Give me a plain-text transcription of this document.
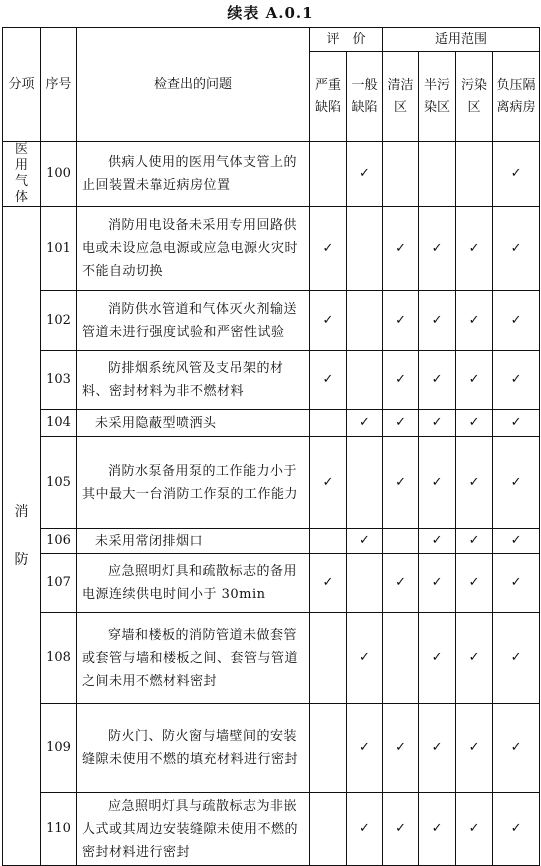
续表 A.0.1
分项	序号	检查出的问题	评　价		适用范围			

			严重缺陷	一般缺陷	清洁区	半污染区	污染区	负压隔离病房

医用气体	100	供病人使用的医用气体支管上的止回装置未靠近病房位置		✓				✓

消
防	101	消防用电设备未采用专用回路供电或未设应急电源或应急电源火灾时不能自动切换	✓		✓	✓	✓	✓
	102	消防供水管道和气体灭火剂输送管道未进行强度试验和严密性试验	✓		✓	✓	✓	✓
	103	防排烟系统风管及支吊架的材料、密封材料为非不燃材料	✓		✓	✓	✓	✓
	104	未采用隐蔽型喷洒头		✓	✓	✓	✓	✓
	105	消防水泵备用泵的工作能力小于其中最大一台消防工作泵的工作能力	✓		✓	✓	✓	✓
	106	未采用常闭排烟口		✓		✓	✓	✓
	107	应急照明灯具和疏散标志的备用电源连续供电时间小于 30min	✓		✓	✓	✓	✓
	108	穿墙和楼板的消防管道未做套管或套管与墙和楼板之间、套管与管道之间未用不燃材料密封		✓		✓	✓	✓
	109	防火门、防火窗与墙壁间的安装缝隙未使用不燃的填充材料进行密封		✓	✓	✓	✓	✓
	110	应急照明灯具与疏散标志为非嵌人式或其周边安装缝隙未使用不燃的密封材料进行密封		✓	✓	✓	✓	✓
